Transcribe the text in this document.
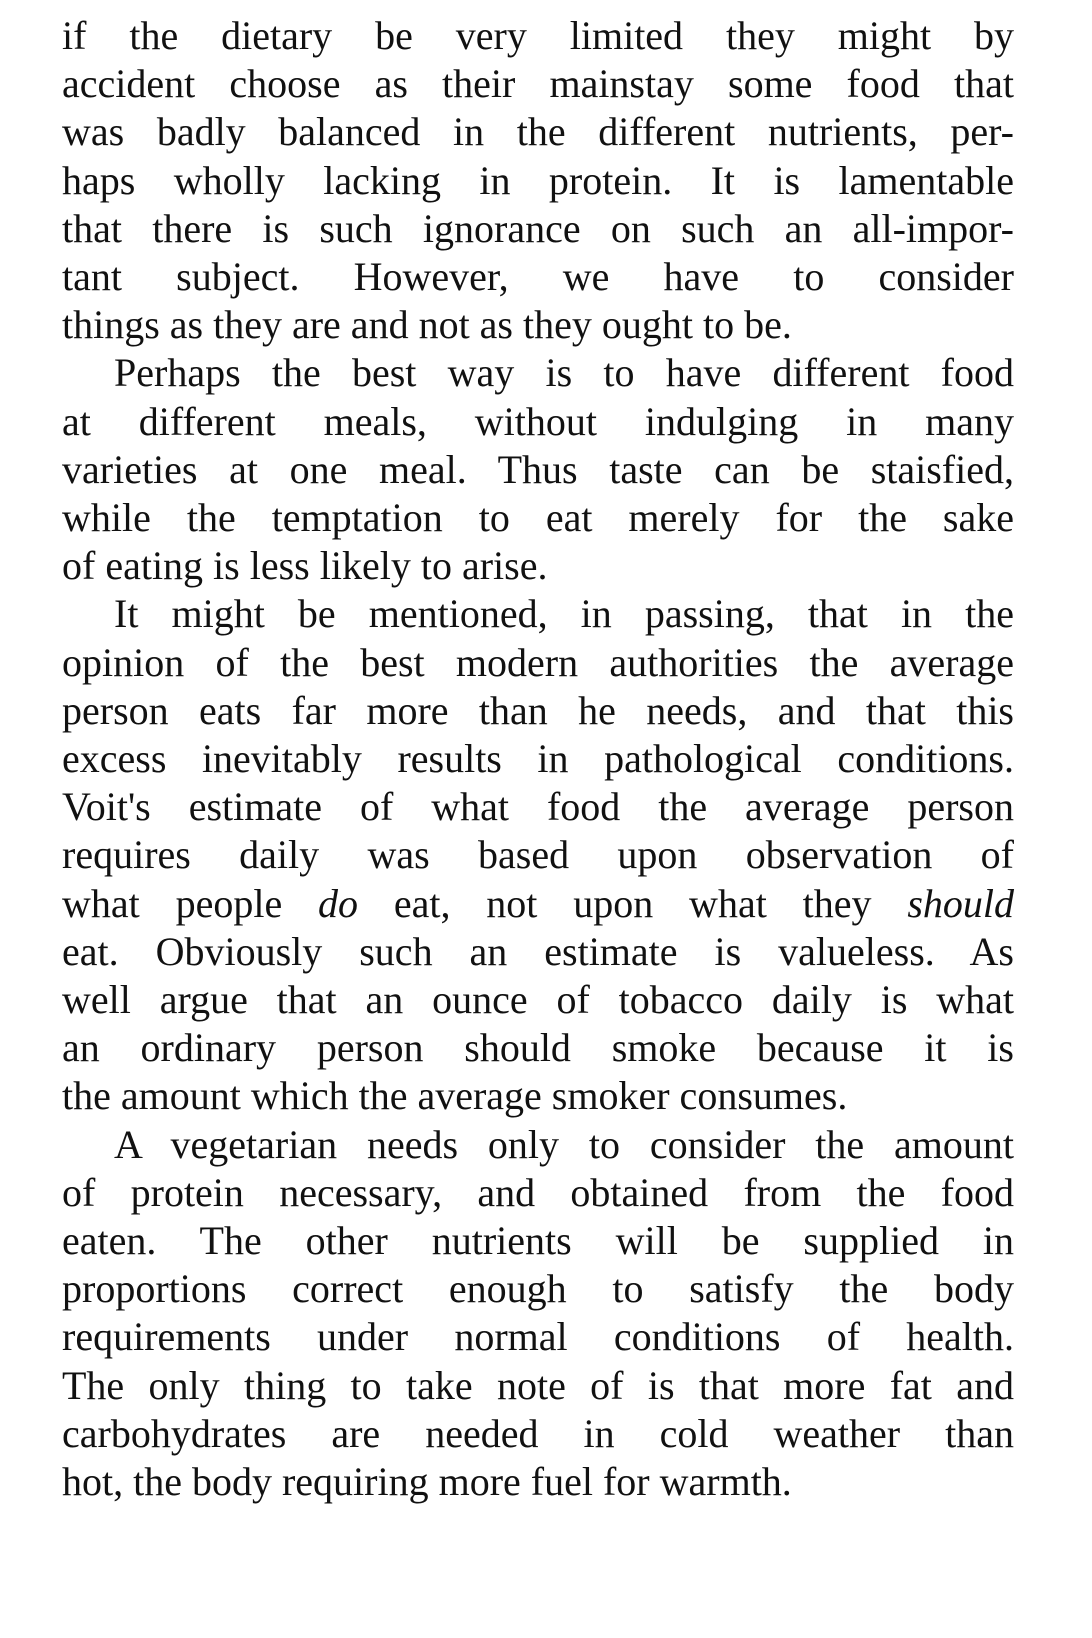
if the dietary be very limited they might by
accident choose as their mainstay some food that
was badly balanced in the different nutrients, per-
haps wholly lacking in protein. It is lamentable
that there is such ignorance on such an all-impor-
tant subject. However, we have to consider
things as they are and not as they ought to be.
Perhaps the best way is to have different food
at different meals, without indulging in many
varieties at one meal. Thus taste can be staisfied,
while the temptation to eat merely for the sake
of eating is less likely to arise.
It might be mentioned, in passing, that in the
opinion of the best modern authorities the average
person eats far more than he needs, and that this
excess inevitably results in pathological conditions.
Voit's estimate of what food the average person
requires daily was based upon observation of
what people do eat, not upon what they should
eat. Obviously such an estimate is valueless. As
well argue that an ounce of tobacco daily is what
an ordinary person should smoke because it is
the amount which the average smoker consumes.
A vegetarian needs only to consider the amount
of protein necessary, and obtained from the food
eaten. The other nutrients will be supplied in
proportions correct enough to satisfy the body
requirements under normal conditions of health.
The only thing to take note of is that more fat and
carbohydrates are needed in cold weather than
hot, the body requiring more fuel for warmth.
